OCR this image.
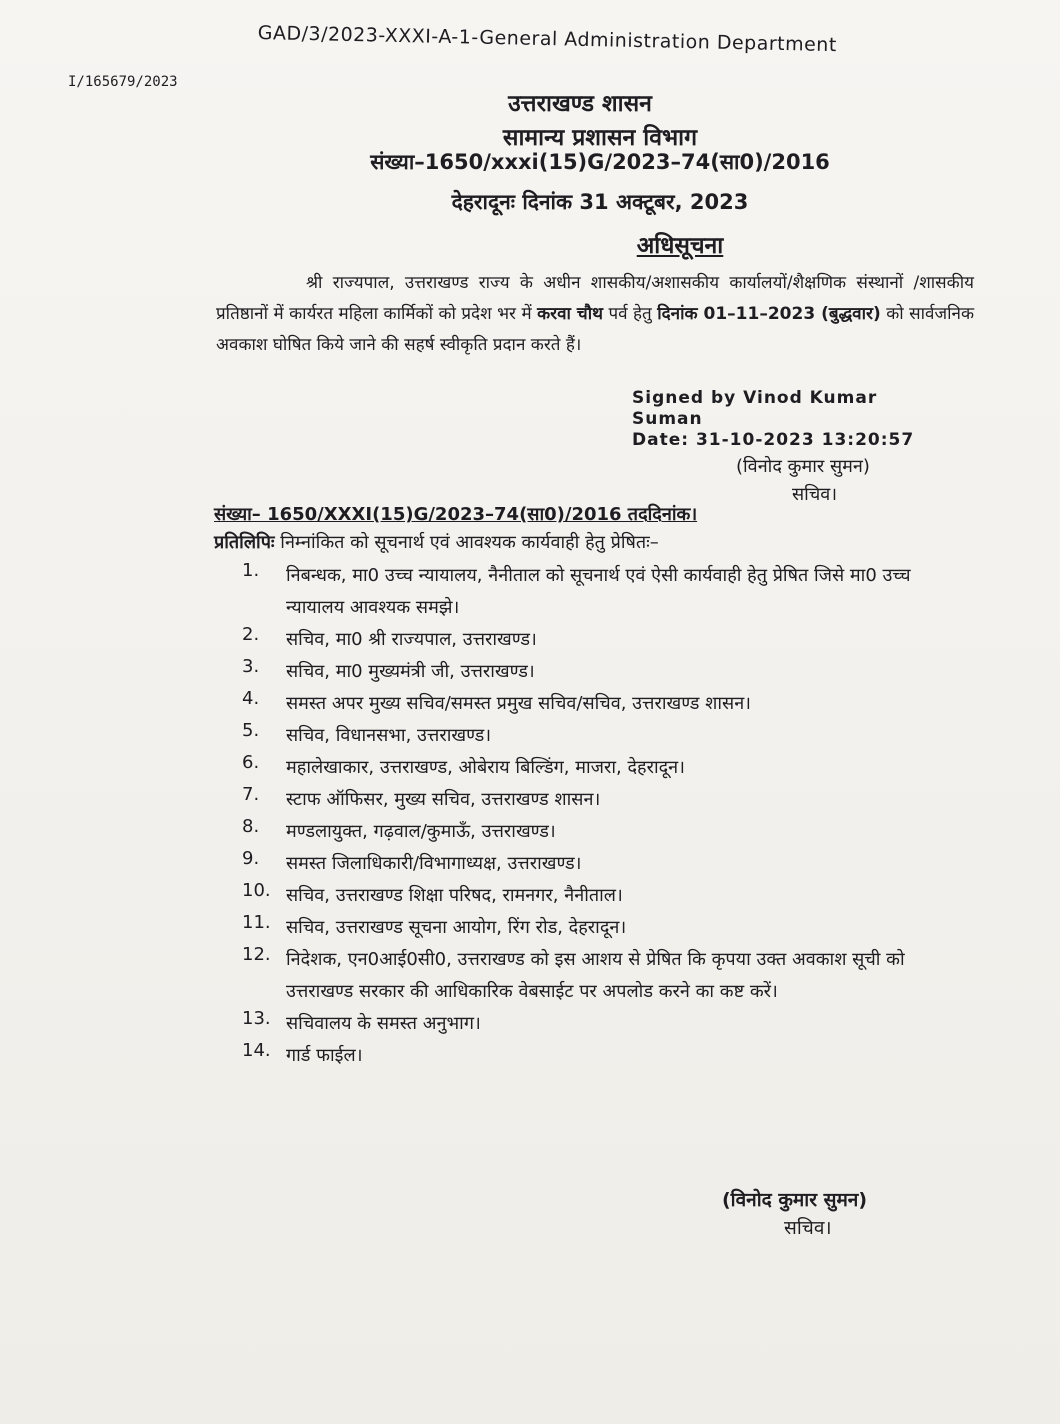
GAD/3/2023-XXXI-A-1-General Administration Department
I/165679/2023
उत्तराखण्ड शासन
सामान्य प्रशासन विभाग
संख्या–1650/xxxi(15)G/2023–74(सा0)/2016
देहरादूनः दिनांक 31 अक्टूबर, 2023
अधिसूचना
श्री राज्यपाल, उत्तराखण्ड राज्य के अधीन शासकीय/अशासकीय कार्यालयों/शैक्षणिक संस्थानों /शासकीय प्रतिष्ठानों में कार्यरत महिला कार्मिकों को प्रदेश भर में करवा चौथ पर्व हेतु दिनांक 01–11–2023 (बुद्धवार) को सार्वजनिक अवकाश घोषित किये जाने की सहर्ष स्वीकृति प्रदान करते हैं।
Signed by Vinod Kumar
Suman
Date: 31-10-2023 13:20:57
(विनोद कुमार सुमन)
सचिव।
संख्या– 1650/XXXI(15)G/2023–74(सा0)/2016 तददिनांक।
प्रतिलिपिः निम्नांकित को सूचनार्थ एवं आवश्यक कार्यवाही हेतु प्रेषितः–
1.	निबन्धक, मा0 उच्च न्यायालय, नैनीताल को सूचनार्थ एवं ऐसी कार्यवाही हेतु प्रेषित जिसे मा0 उच्च न्यायालय आवश्यक समझे।
2.	सचिव, मा0 श्री राज्यपाल, उत्तराखण्ड।
3.	सचिव, मा0 मुख्यमंत्री जी, उत्तराखण्ड।
4.	समस्त अपर मुख्य सचिव/समस्त प्रमुख सचिव/सचिव, उत्तराखण्ड शासन।
5.	सचिव, विधानसभा, उत्तराखण्ड।
6.	महालेखाकार, उत्तराखण्ड, ओबेराय बिल्डिंग, माजरा, देहरादून।
7.	स्टाफ ऑफिसर, मुख्य सचिव, उत्तराखण्ड शासन।
8.	मण्डलायुक्त, गढ़वाल/कुमाऊँ, उत्तराखण्ड।
9.	समस्त जिलाधिकारी/विभागाध्यक्ष, उत्तराखण्ड।
10. सचिव, उत्तराखण्ड शिक्षा परिषद, रामनगर, नैनीताल।
11. सचिव, उत्तराखण्ड सूचना आयोग, रिंग रोड, देहरादून।
12. निदेशक, एन0आई0सी0, उत्तराखण्ड को इस आशय से प्रेषित कि कृपया उक्त अवकाश सूची को उत्तराखण्ड सरकार की आधिकारिक वेबसाईट पर अपलोड करने का कष्ट करें।
13. सचिवालय के समस्त अनुभाग।
14. गार्ड फाईल।
(विनोद कुमार सुमन)
सचिव।
